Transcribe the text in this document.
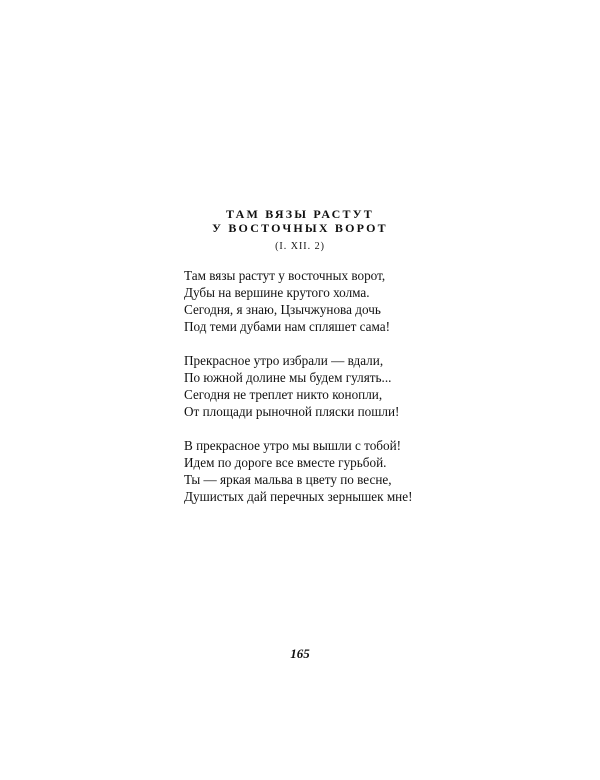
ТАМ ВЯЗЫ РАСТУТ
У ВОСТОЧНЫХ ВОРОТ

(I. XII. 2)

Там вязы растут у восточных ворот,
Дубы на вершине крутого холма.
Сегодня, я знаю, Цзычжунова дочь
Под теми дубами нам спляшет сама!
Прекрасное утро избрали — вдали,
По южной долине мы будем гулять...
Сегодня не треплет никто конопли,
От площади рыночной пляски пошли!
В прекрасное утро мы вышли с тобой!
Идем по дороге все вместе гурьбой.
Ты — яркая мальва в цвету по весне,
Душистых дай перечных зернышек мне!

165
